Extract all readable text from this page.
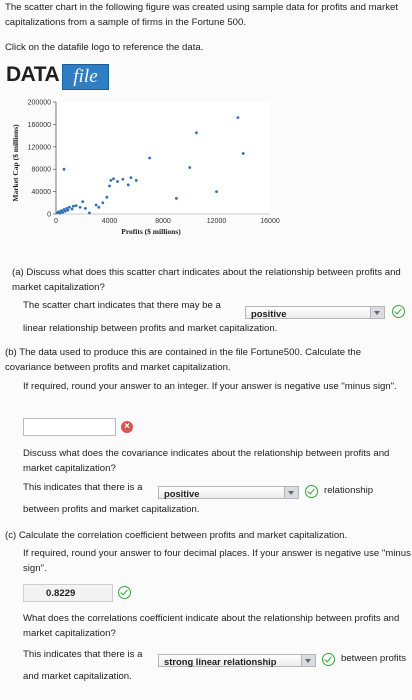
The scatter chart in the following figure was created using sample data for profits and market capitalizations from a sample of firms in the Fortune 500.
Click on the datafile logo to reference the data.
DATA file
0
40000
80000
120000
160000
200000
0	4000	8000	12000	16000
Profits ($ millions)
Market Cap ($ millions)
(a) Discuss what does this scatter chart indicates about the relationship between profits and market capitalization?
The scatter chart indicates that there may be a
positive
linear relationship between profits and market capitalization.
(b) The data used to produce this are contained in the file Fortune500. Calculate the covariance between profits and market capitalization.
If required, round your answer to an integer. If your answer is negative use "minus sign".
×
Discuss what does the covariance indicates about the relationship between profits and market capitalization?
This indicates that there is a
positive	relationship
between profits and market capitalization.
(c) Calculate the correlation coefficient between profits and market capitalization.
If required, round your answer to four decimal places. If your answer is negative use "minus sign".
0.8229
What does the correlations coefficient indicate about the relationship between profits and market capitalization?
This indicates that there is a
strong linear relationship	between profits
and market capitalization.
